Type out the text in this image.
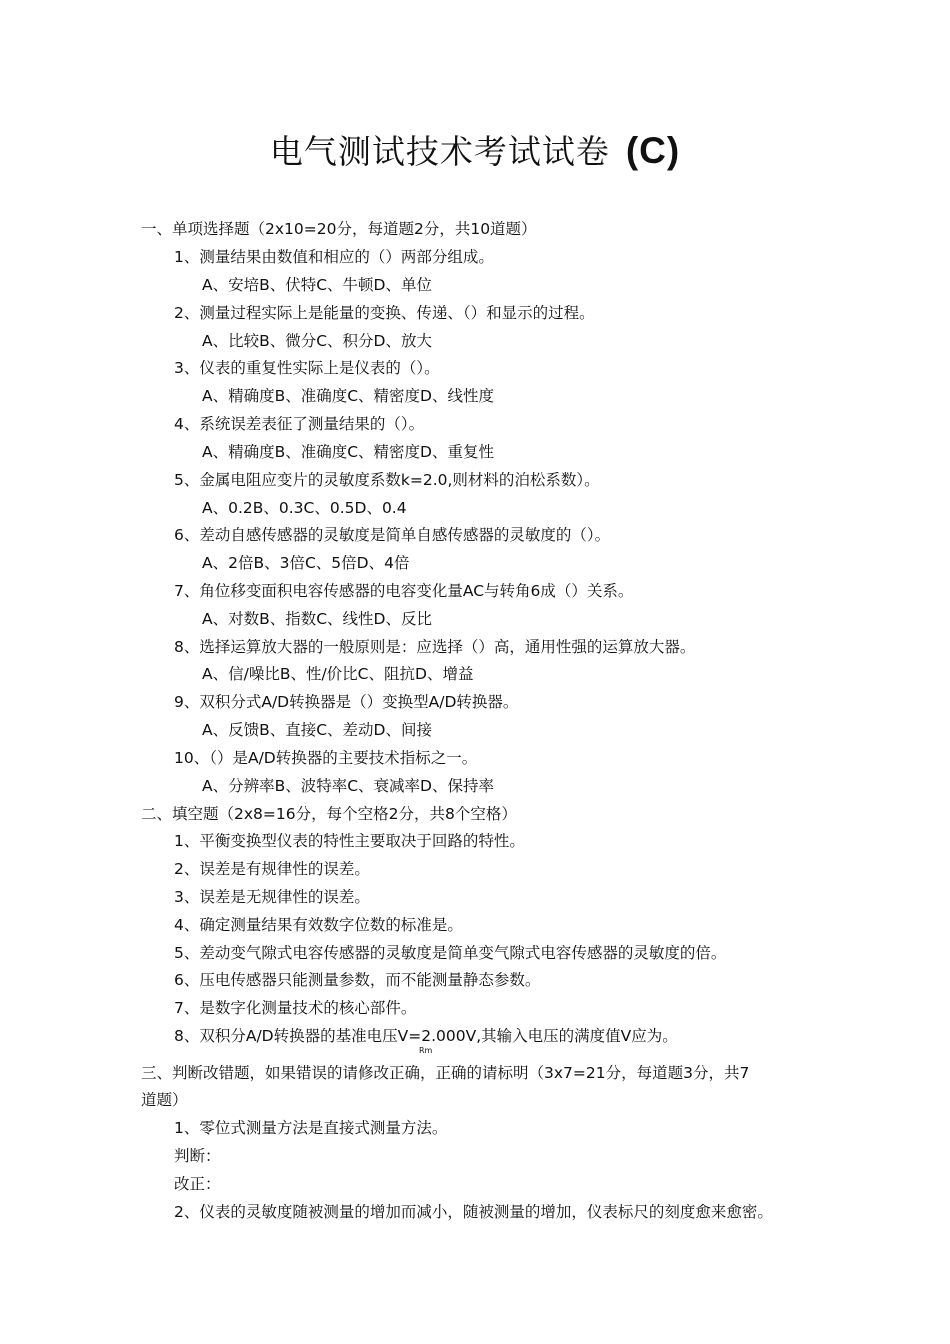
电气测试技术考试试卷 (C)
一、单项选择题（2x10=20分，每道题2分，共10道题）
1、测量结果由数值和相应的（）两部分组成。
A、安培B、伏特C、牛顿D、单位
2、测量过程实际上是能量的变换、传递、（）和显示的过程。
A、比较B、微分C、积分D、放大
3、仪表的重复性实际上是仪表的（）。
A、精确度B、准确度C、精密度D、线性度
4、系统误差表征了测量结果的（）。
A、精确度B、准确度C、精密度D、重复性
5、金属电阻应变片的灵敏度系数k=2.0,则材料的泊松系数）。
A、0.2B、0.3C、0.5D、0.4
6、差动自感传感器的灵敏度是简单自感传感器的灵敏度的（）。
A、2倍B、3倍C、5倍D、4倍
7、角位移变面积电容传感器的电容变化量AC与转角6成（）关系。
A、对数B、指数C、线性D、反比
8、选择运算放大器的一般原则是：应选择（）高，通用性强的运算放大器。
A、信/噪比B、性/价比C、阻抗D、增益
9、双积分式A/D转换器是（）变换型A/D转换器。
A、反馈B、直接C、差动D、间接
10、（）是A/D转换器的主要技术指标之一。
A、分辨率B、波特率C、衰减率D、保持率
二、填空题（2x8=16分，每个空格2分，共8个空格）
1、平衡变换型仪表的特性主要取决于回路的特性。
2、误差是有规律性的误差。
3、误差是无规律性的误差。
4、确定测量结果有效数字位数的标准是。
5、差动变气隙式电容传感器的灵敏度是简单变气隙式电容传感器的灵敏度的倍。
6、压电传感器只能测量参数，而不能测量静态参数。
7、是数字化测量技术的核心部件。
8、双积分A/D转换器的基准电压V=2.000V,其输入电压的满度值V应为。
Rm
三、判断改错题，如果错误的请修改正确，正确的请标明（3x7=21分，每道题3分，共7
道题）
1、零位式测量方法是直接式测量方法。
判断：
改正：
2、仪表的灵敏度随被测量的增加而减小，随被测量的增加，仪表标尺的刻度愈来愈密。
